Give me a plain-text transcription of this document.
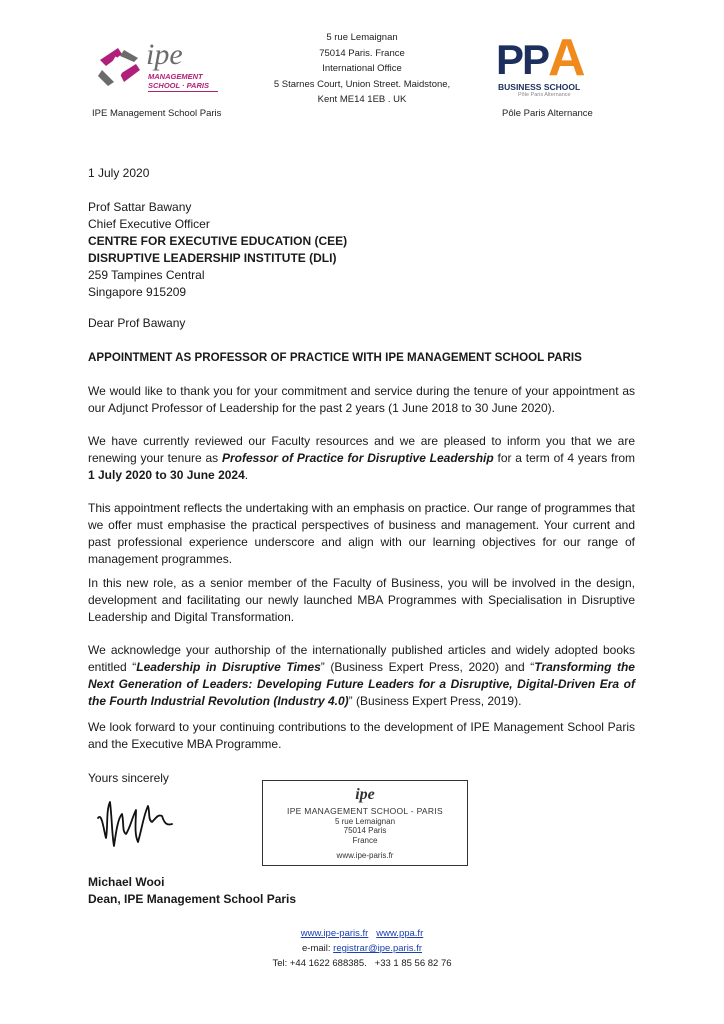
ipe
MANAGEMENT
SCHOOL · PARIS
IPE Management School Paris
5 rue Lemaignan
75014 Paris. France
International Office
5 Starnes Court, Union Street. Maidstone,
Kent ME14 1EB . UK
PP A
BUSINESS SCHOOL
Pôle Paris Alternance
Pôle Paris Alternance
1 July 2020

Prof Sattar Bawany

Chief Executive Officer

CENTRE FOR EXECUTIVE EDUCATION (CEE)

DISRUPTIVE LEADERSHIP INSTITUTE (DLI)

259 Tampines Central

Singapore 915209

Dear Prof Bawany
APPOINTMENT AS PROFESSOR OF PRACTICE WITH IPE MANAGEMENT SCHOOL PARIS
We would like to thank you for your commitment and service during the tenure of your appointment as our Adjunct Professor of Leadership for the past 2 years (1 June 2018 to 30 June 2020).
We have currently reviewed our Faculty resources and we are pleased to inform you that we are renewing your tenure as Professor of Practice for Disruptive Leadership for a term of 4 years from 1 July 2020 to 30 June 2024.
This appointment reflects the undertaking with an emphasis on practice. Our range of programmes that we offer must emphasise the practical perspectives of business and management. Your current and past professional experience underscore and align with our learning objectives for our range of management programmes.
In this new role, as a senior member of the Faculty of Business, you will be involved in the design, development and facilitating our newly launched MBA Programmes with Specialisation in Disruptive Leadership and Digital Transformation.
We acknowledge your authorship of the internationally published articles and widely adopted books entitled “Leadership in Disruptive Times” (Business Expert Press, 2020) and “Transforming the Next Generation of Leaders: Developing Future Leaders for a Disruptive, Digital-Driven Era of the Fourth Industrial Revolution (Industry 4.0)” (Business Expert Press, 2019).
We look forward to your continuing contributions to the development of IPE Management School Paris and the Executive MBA Programme.
Yours sincerely
ipe
IPE MANAGEMENT SCHOOL - PARIS
5 rue Lemaignan
75014 Paris
France
www.ipe-paris.fr

Michael Wooi

Dean, IPE Management School Paris

www.ipe-paris.fr www.ppa.fr
e-mail: registrar@ipe.paris.fr
Tel: +44 1622 688385.   +33 1 85 56 82 76
